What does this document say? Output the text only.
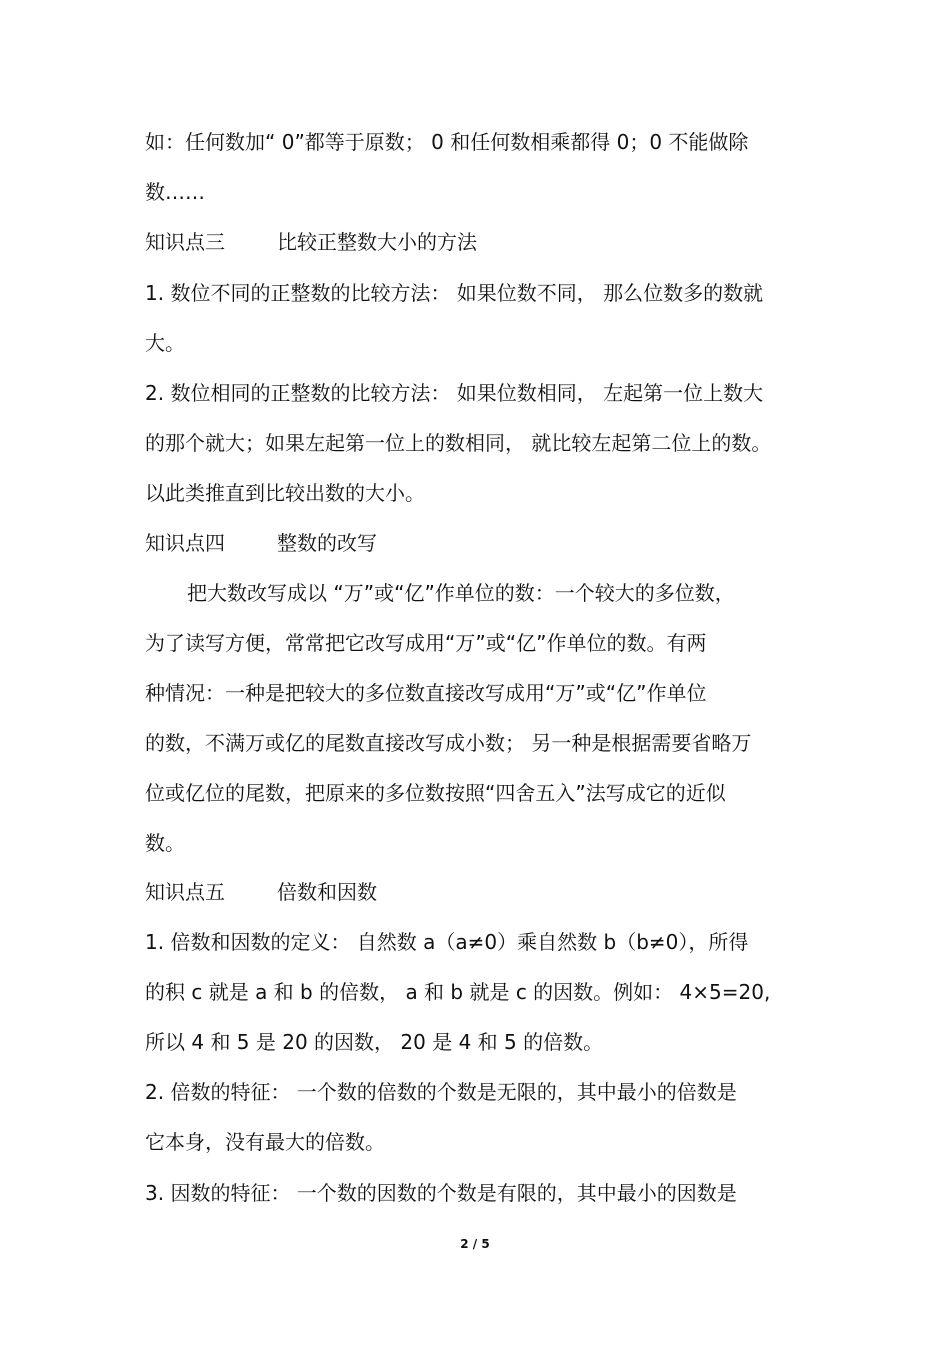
如：任何数加“ 0”都等于原数； 0 和任何数相乘都得 0；0 不能做除
数……
知识点三	比较正整数大小的方法
1. 数位不同的正整数的比较方法： 如果位数不同， 那么位数多的数就
大。
2. 数位相同的正整数的比较方法： 如果位数相同， 左起第一位上数大
的那个就大；如果左起第一位上的数相同， 就比较左起第二位上的数。
以此类推直到比较出数的大小。
知识点四	整数的改写
把大数改写成以 “万”或“亿”作单位的数：一个较大的多位数，
为了读写方便，常常把它改写成用“万”或“亿”作单位的数。有两
种情况：一种是把较大的多位数直接改写成用“万”或“亿”作单位
的数，不满万或亿的尾数直接改写成小数； 另一种是根据需要省略万
位或亿位的尾数，把原来的多位数按照“四舍五入”法写成它的近似
数。
知识点五	倍数和因数
1. 倍数和因数的定义： 自然数 a（a≠0）乘自然数 b（b≠0），所得
的积 c 就是 a 和 b 的倍数， a 和 b 就是 c 的因数。例如： 4×5=20,
所以 4 和 5 是 20 的因数， 20 是 4 和 5 的倍数。
2. 倍数的特征： 一个数的倍数的个数是无限的，其中最小的倍数是
它本身，没有最大的倍数。
3. 因数的特征： 一个数的因数的个数是有限的，其中最小的因数是
2 / 5
